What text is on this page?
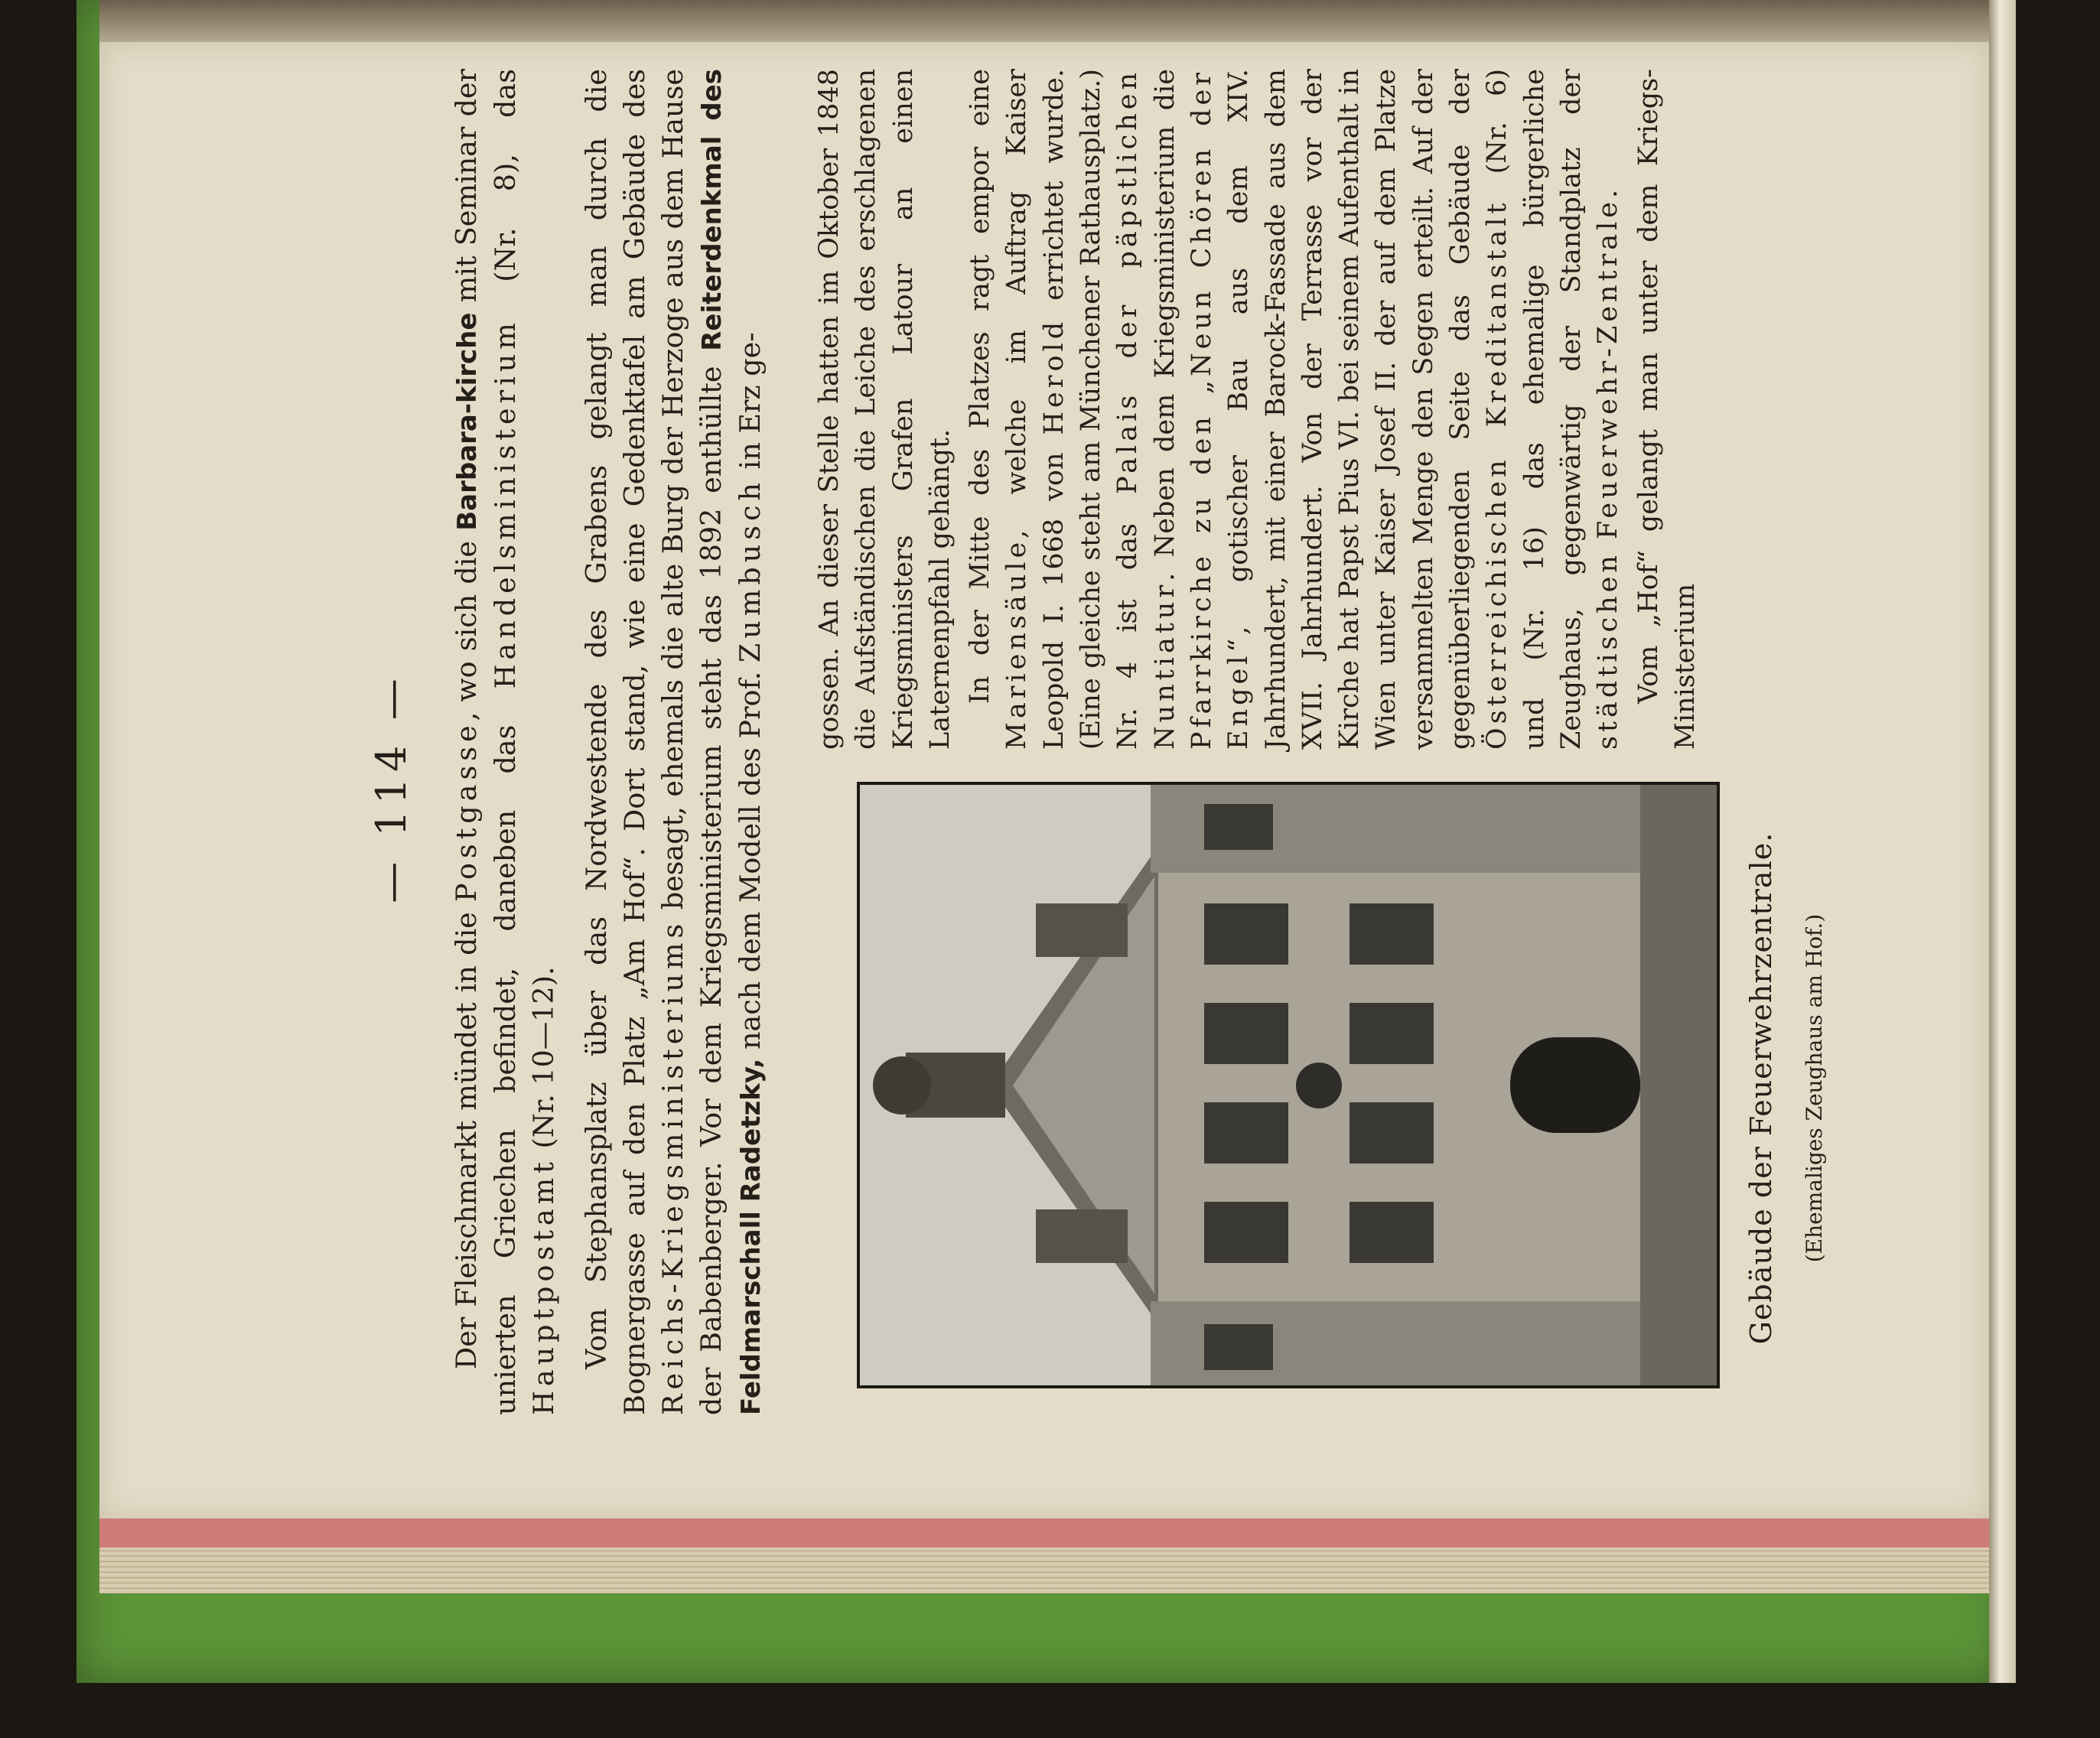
— 114 —

Der Fleischmarkt mündet in die Postgasse, wo sich die Barbara-kirche mit Seminar der unierten Griechen befindet, daneben das Handelsministerium (Nr. 8), das Hauptpostamt (Nr. 10—12). Vom Stephansplatz über das Nordwestende des Grabens gelangt man durch die Bognergasse auf den Platz „Am Hof“. Dort stand, wie eine Gedenktafel am Gebäude des Reichs-Kriegsministeriums besagt, ehemals die alte Burg der Herzoge aus dem Hause der Babenberger. Vor dem Kriegsministerium steht das 1892 enthüllte Reiterdenkmal des Feldmarschall Radetzky, nach dem Modell des Prof. Zumbusch in Erz ge-

Gebäude der Feuerwehrzentrale. (Ehemaliges Zeughaus am Hof.)

gossen. An dieser Stelle hatten im Oktober 1848 die Aufständischen die Leiche des erschlagenen Kriegsministers Grafen Latour an einen Laternenpfahl gehängt. In der Mitte des Platzes ragt empor eine Mariensäule, welche im Auftrag Kaiser Leopold I. 1668 von Herold errichtet wurde. (Eine gleiche steht am Münchener Rathausplatz.) Nr. 4 ist das Palais der päpstlichen Nuntiatur. Neben dem Kriegsministerium die Pfarrkirche zu den „Neun Chören der Engel“, gotischer Bau aus dem XIV. Jahrhundert, mit einer Barock-Fassade aus dem XVII. Jahrhundert. Von der Terrasse vor der Kirche hat Papst Pius VI. bei seinem Aufenthalt in Wien unter Kaiser Josef II. der auf dem Platze versammelten Menge den Segen erteilt. Auf der gegenüberliegenden Seite das Gebäude der Österreichischen Kreditanstalt (Nr. 6) und (Nr. 16) das ehemalige bürgerliche Zeughaus, gegenwärtig der Standplatz der städtischen Feuerwehr-Zentrale. Vom „Hof“ gelangt man unter dem Kriegs-Ministerium
